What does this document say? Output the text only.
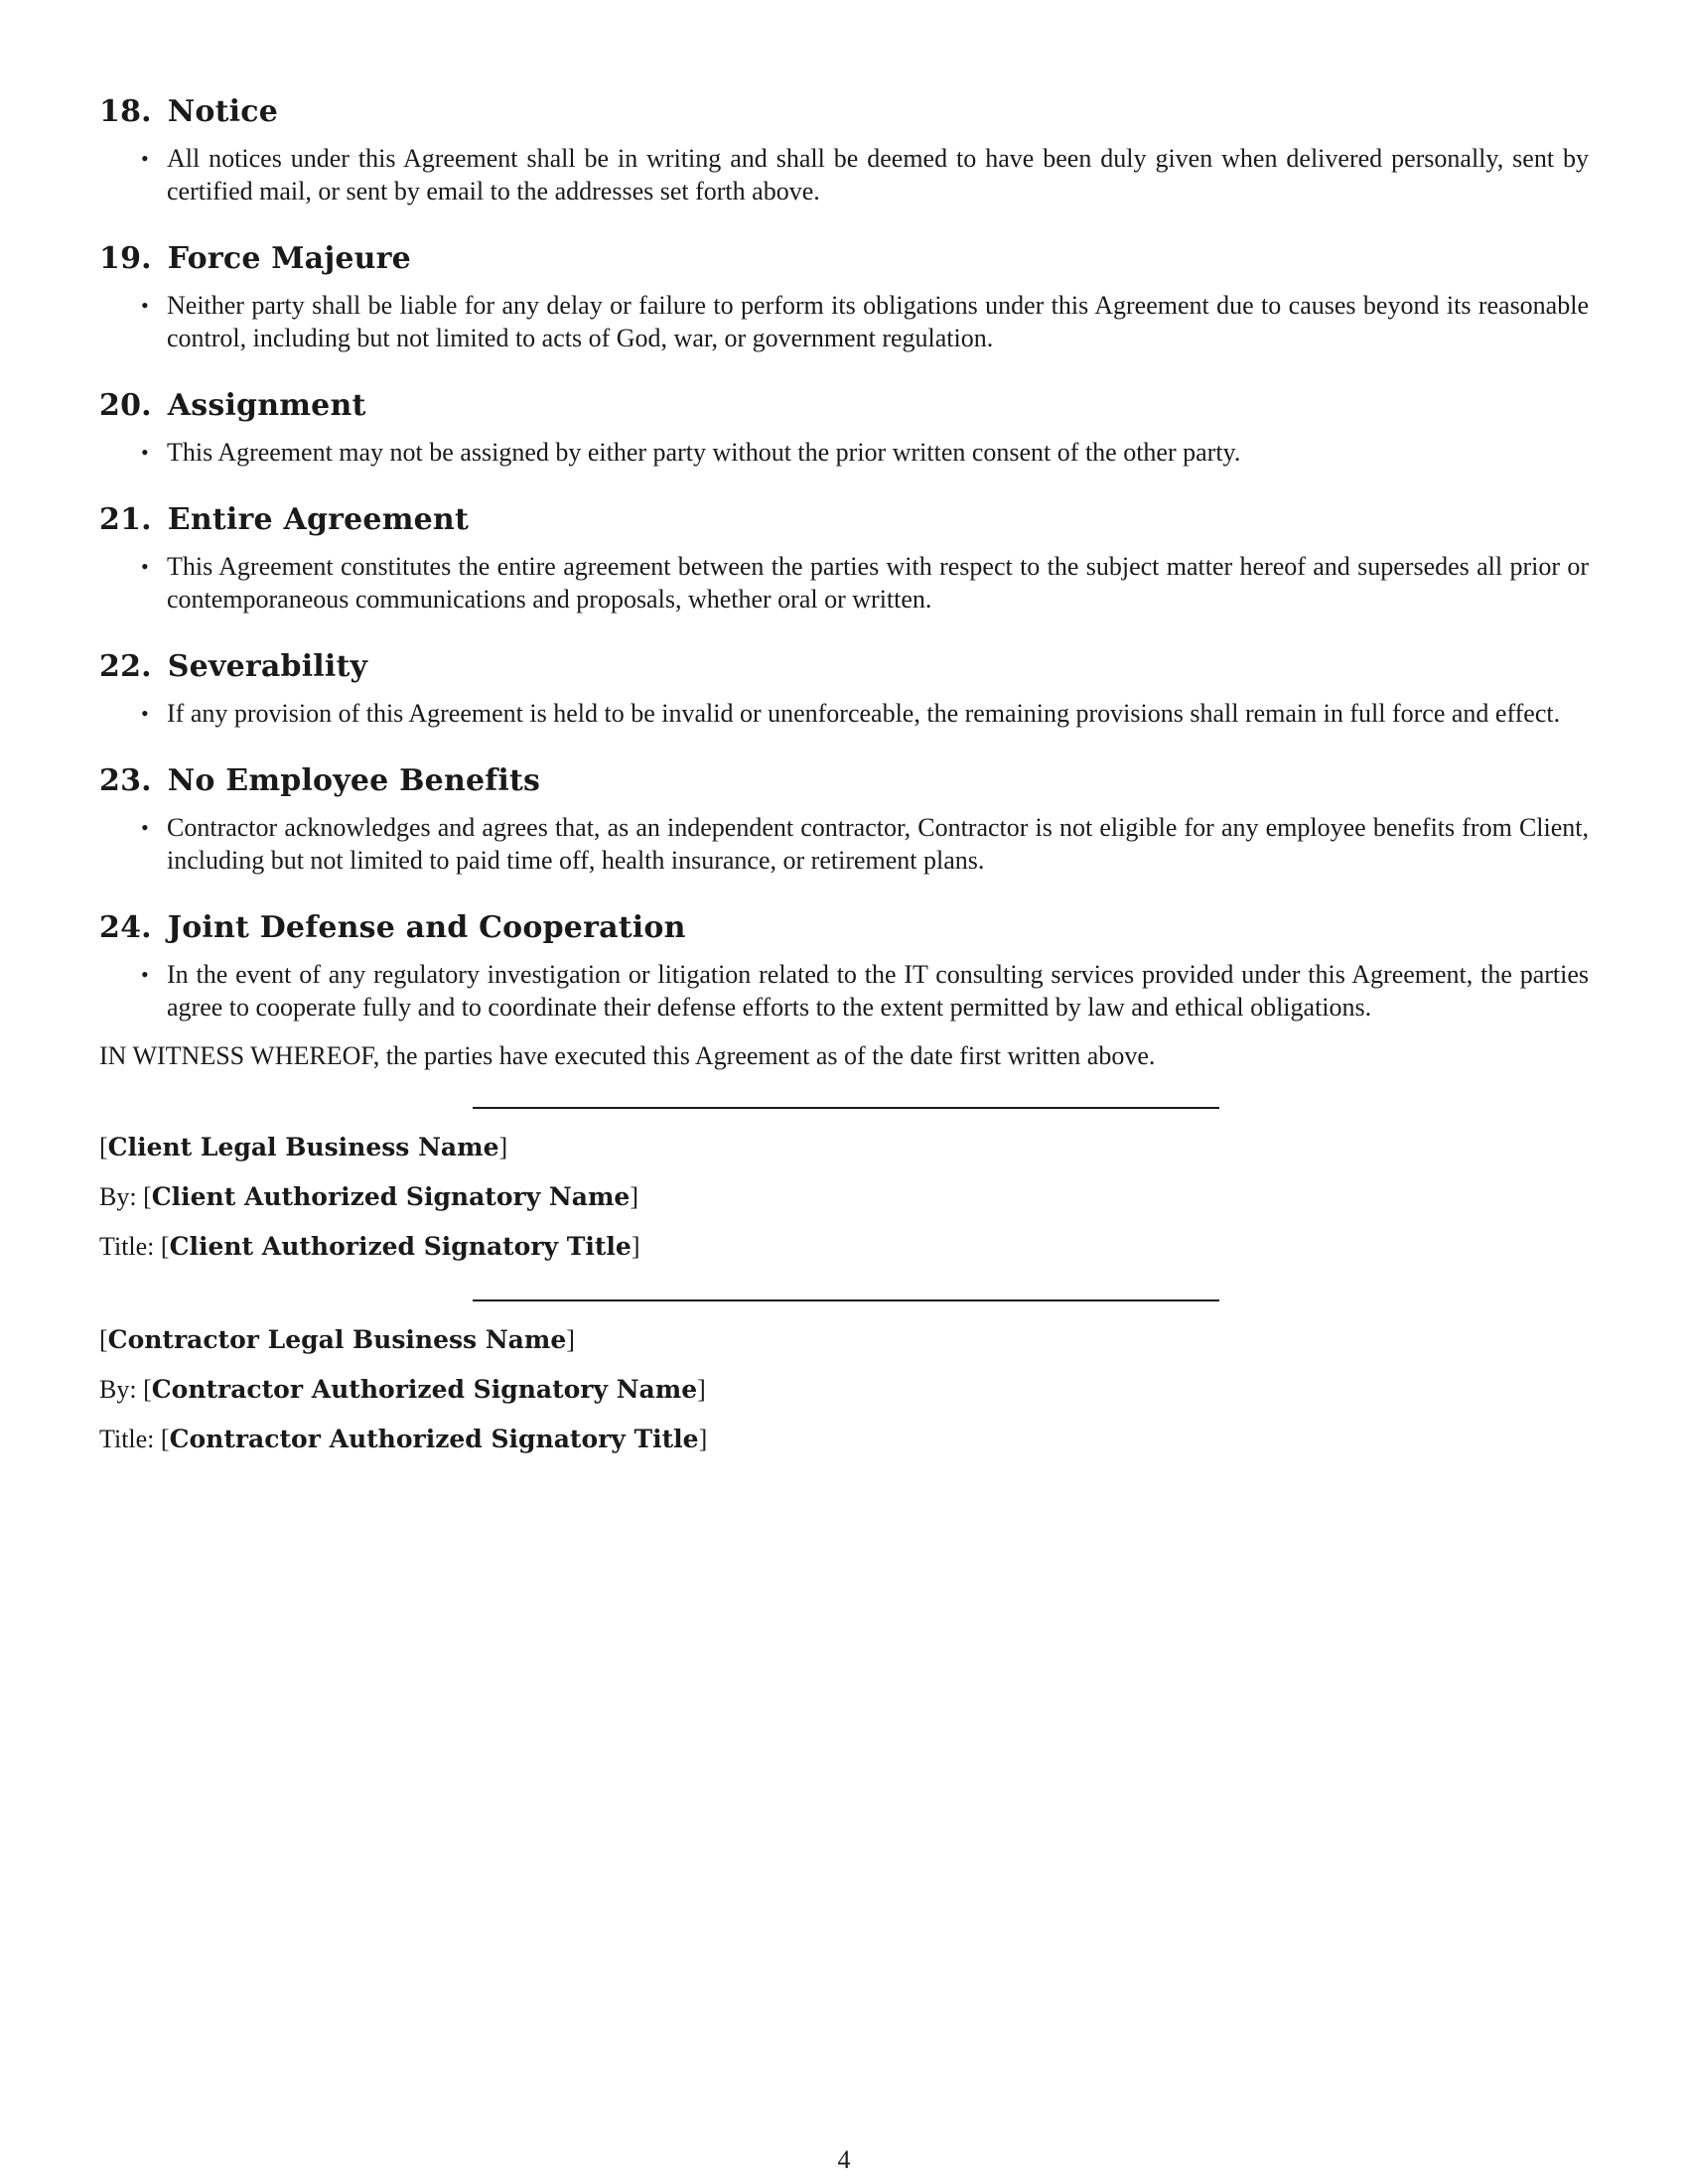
18. Notice
• All notices under this Agreement shall be in writing and shall be deemed to have been duly given when delivered personally, sent by certified mail, or sent by email to the addresses set forth above.
19. Force Majeure
• Neither party shall be liable for any delay or failure to perform its obligations under this Agreement due to causes beyond its reasonable control, including but not limited to acts of God, war, or government regulation.
20. Assignment
• This Agreement may not be assigned by either party without the prior written consent of the other party.
21. Entire Agreement
• This Agreement constitutes the entire agreement between the parties with respect to the subject matter hereof and supersedes all prior or contemporaneous communications and proposals, whether oral or written.
22. Severability
• If any provision of this Agreement is held to be invalid or unenforceable, the remaining provisions shall remain in full force and effect.
23. No Employee Benefits
• Contractor acknowledges and agrees that, as an independent contractor, Contractor is not eligible for any employee benefits from Client, including but not limited to paid time off, health insurance, or retirement plans.
24. Joint Defense and Cooperation
• In the event of any regulatory investigation or litigation related to the IT consulting services provided under this Agreement, the parties agree to cooperate fully and to coordinate their defense efforts to the extent permitted by law and ethical obligations.

IN WITNESS WHEREOF, the parties have executed this Agreement as of the date first written above.

[Client Legal Business Name]

By: [Client Authorized Signatory Name]

Title: [Client Authorized Signatory Title]

[Contractor Legal Business Name]

By: [Contractor Authorized Signatory Name]

Title: [Contractor Authorized Signatory Title]

4
